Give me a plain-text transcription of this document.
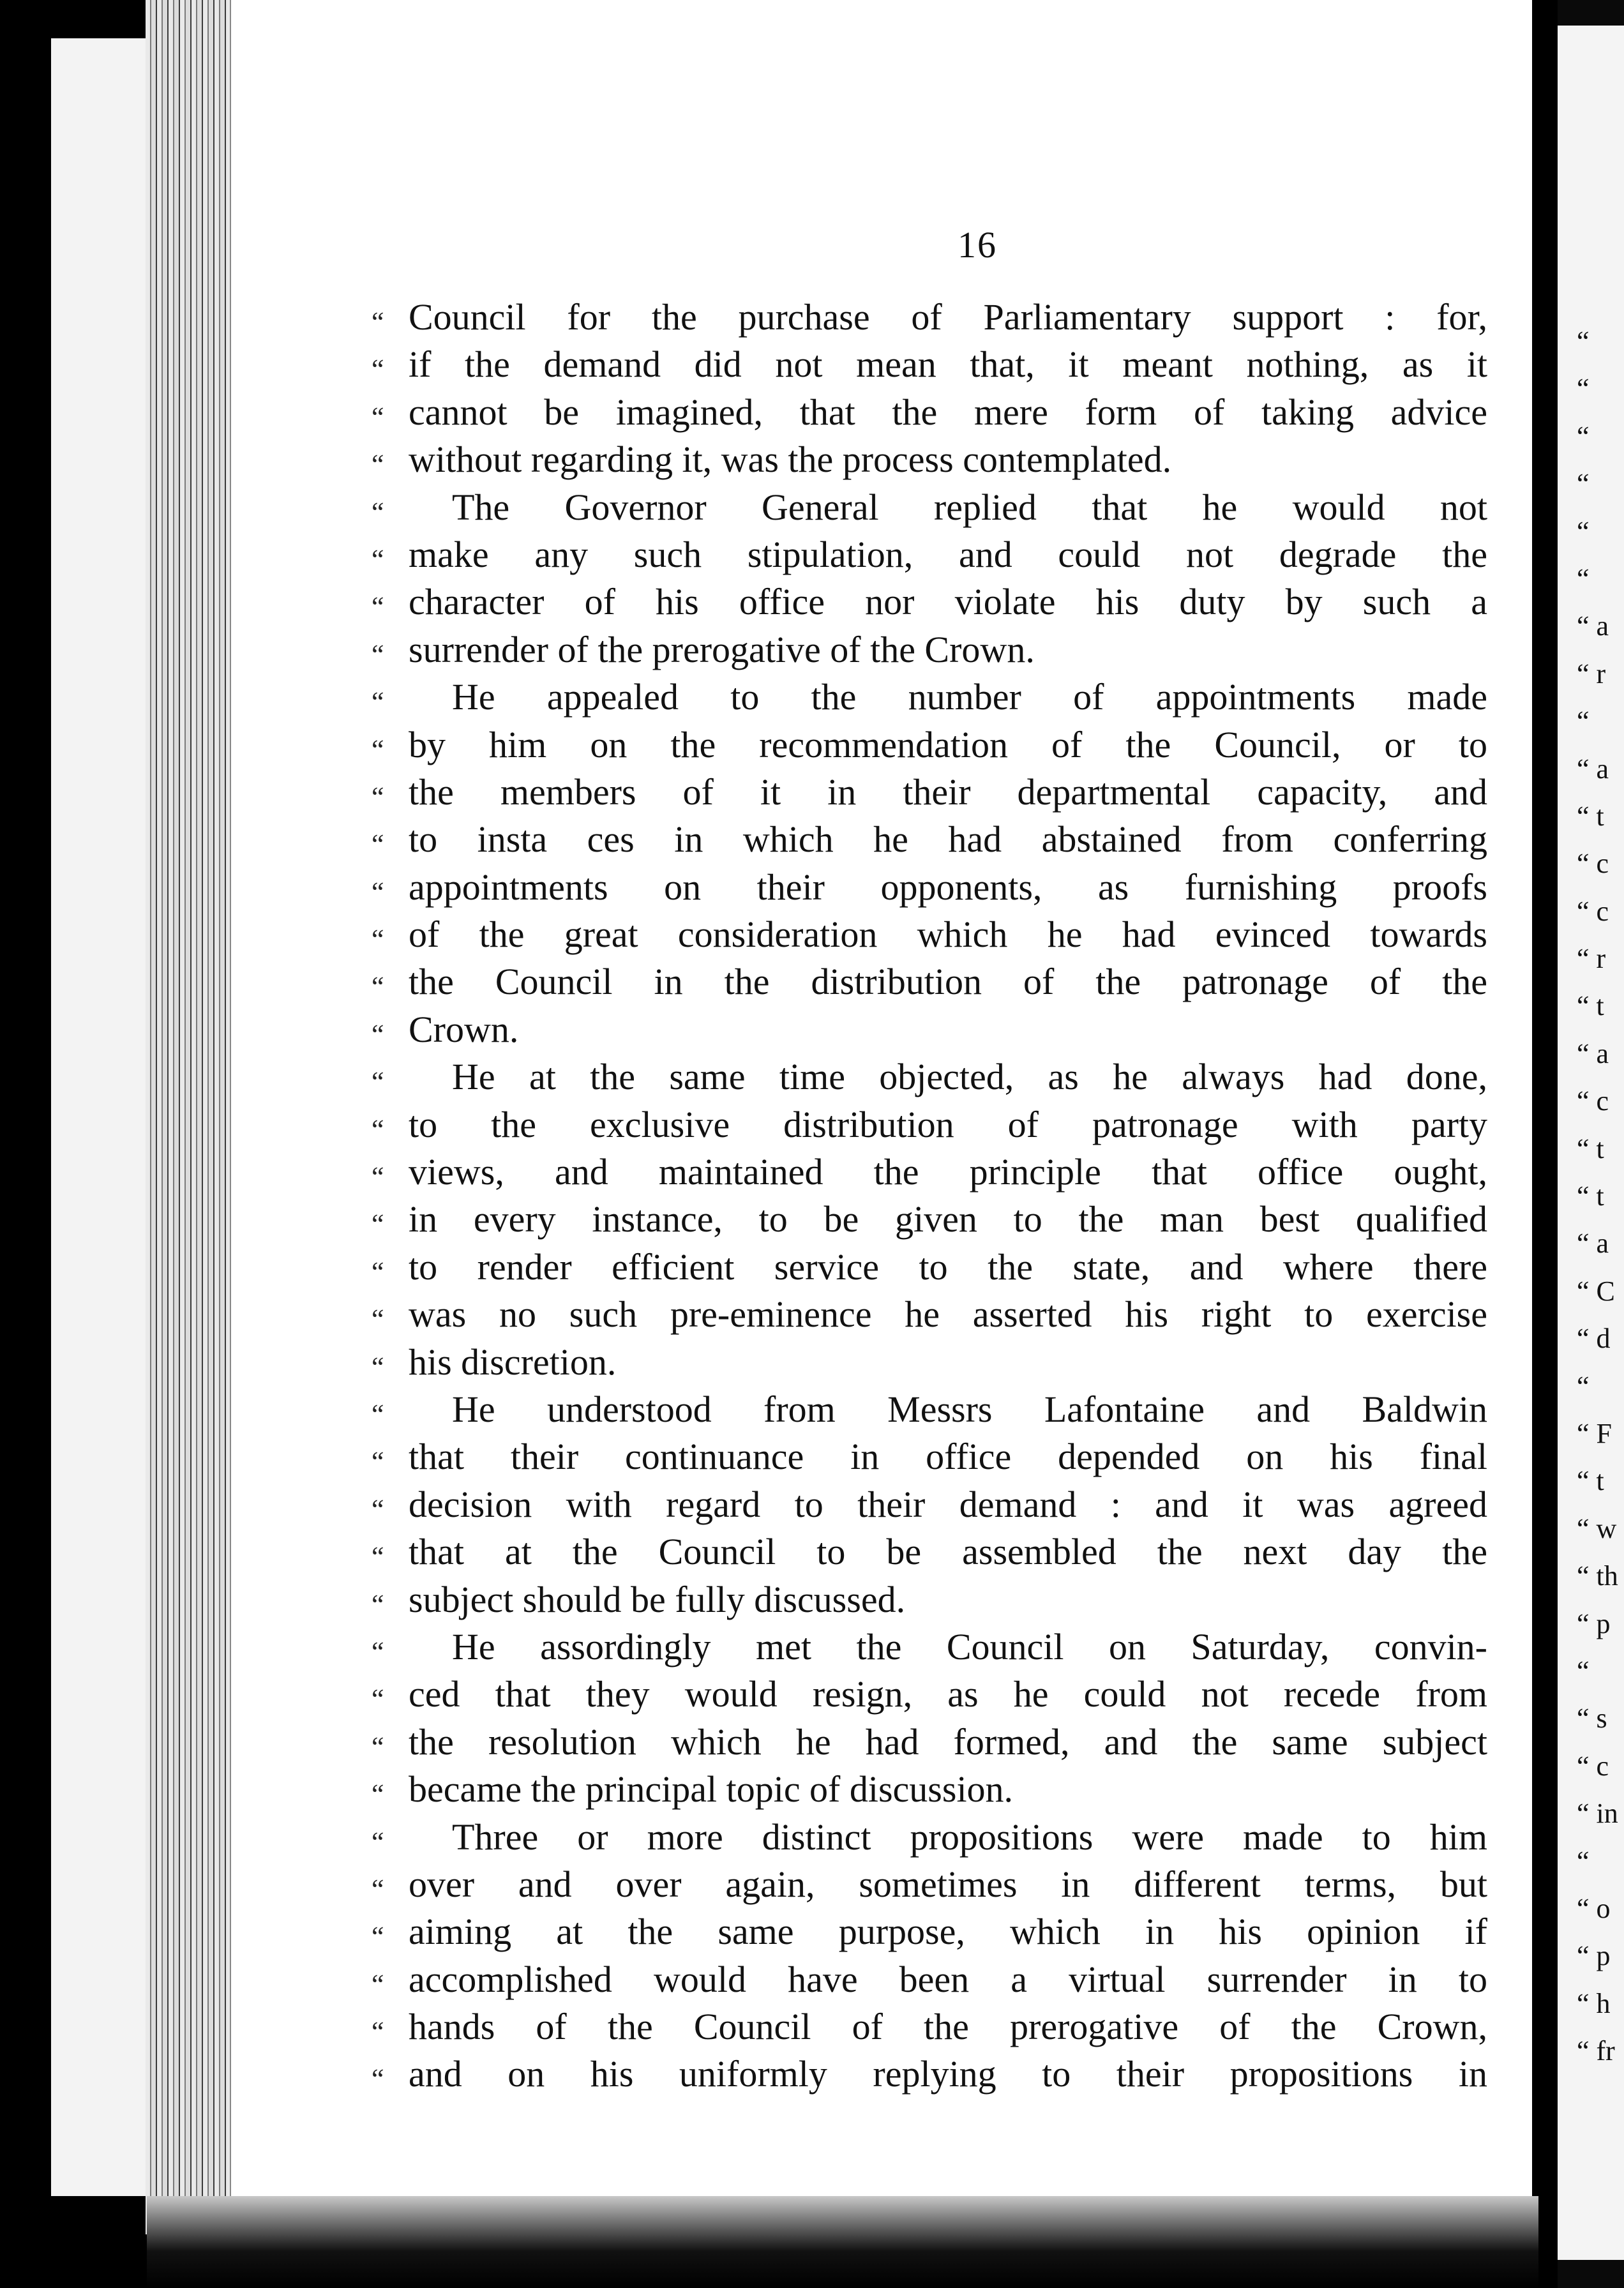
16
“ Council for the purchase of Parliamentary support : for,
“ if the demand did not mean that, it meant nothing, as it
“ cannot be imagined, that the mere form of taking advice
“ without regarding it, was the process contemplated.
“	The Governor General replied that he would not
“ make any such stipulation, and could not degrade the
“ character of his office nor violate his duty by such a
“ surrender of the prerogative of the Crown.
“	He appealed to the number of appointments made
“ by him on the recommendation of the Council, or to
“ the members of it in their departmental capacity, and
“ to insta ces in which he had abstained from conferring
“ appointments on their opponents, as furnishing proofs
“ of the great consideration which he had evinced towards
“ the Council in the distribution of the patronage of the
“ Crown.
“	He at the same time objected, as he always had done,
“ to the exclusive distribution of patronage with party
“ views, and maintained the principle that office ought,
“ in every instance, to be given to the man best qualified
“ to render efficient service to the state, and where there
“ was no such pre-eminence he asserted his right to exercise
“ his discretion.
“	He understood from Messrs Lafontaine and Baldwin
“ that their continuance in office depended on his final
“ decision with regard to their demand : and it was agreed
“ that at the Council to be assembled the next day the
“ subject should be fully discussed.
“	He assordingly met the Council on Saturday, convin-
“ ced that they would resign, as he could not recede from
“ the resolution which he had formed, and the same subject
“ became the principal topic of discussion.
“	Three or more distinct propositions were made to him
“ over and over again, sometimes in different terms, but
“ aiming at the same purpose, which in his opinion if
“ accomplished would have been a virtual surrender in to
“ hands of the Council of the prerogative of the Crown,
“ and on his uniformly replying to their propositions in
“
“
“
“
“
“
“ a
“ r
“
“ a
“ t
“ c
“ c
“ r
“ t
“ a
“ c
“ t
“ t
“ a
“ C
“ d
“
“ F
“ t
“ w
“ th
“ p
“
“ s
“ c
“ in
“
“ o
“ p
“ h
“ fr
